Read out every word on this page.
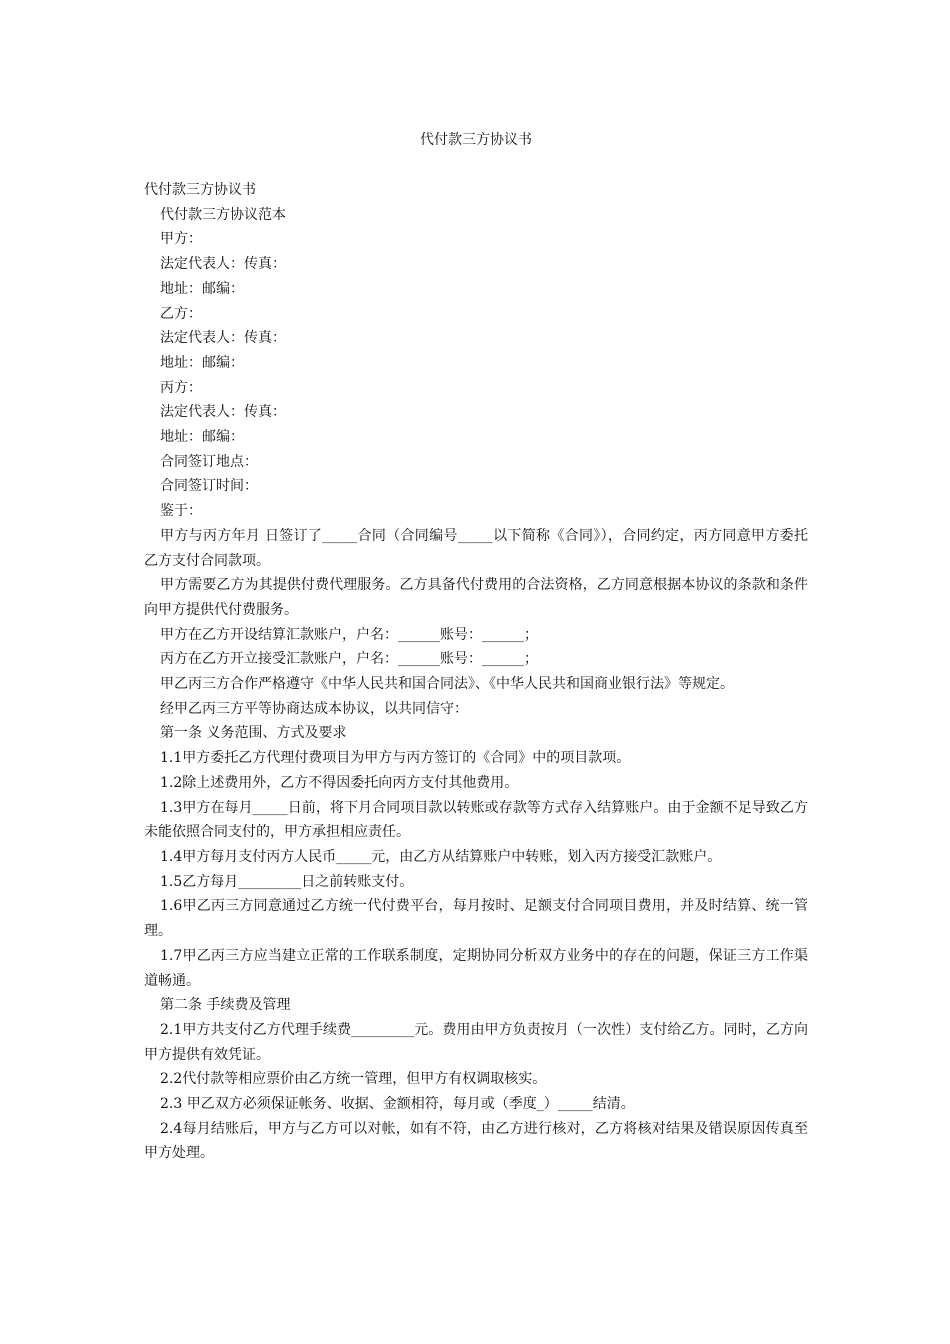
代付款三方协议书

代付款三方协议书

代付款三方协议范本

甲方：

法定代表人：传真：

地址：邮编：

乙方：

法定代表人：传真：

地址：邮编：

丙方：

法定代表人：传真：

地址：邮编：

合同签订地点：

合同签订时间：

鉴于：

甲方与丙方年月 日签订了_____合同（合同编号_____以下简称《合同》），合同约定，丙方同意甲方委托乙方支付合同款项。

甲方需要乙方为其提供付费代理服务。乙方具备代付费用的合法资格，乙方同意根据本协议的条款和条件向甲方提供代付费服务。

甲方在乙方开设结算汇款账户，户名：______账号：______；

丙方在乙方开立接受汇款账户，户名：______账号：______；

甲乙丙三方合作严格遵守《中华人民共和国合同法》、《中华人民共和国商业银行法》等规定。

经甲乙丙三方平等协商达成本协议，以共同信守：

第一条 义务范围、方式及要求

1.1甲方委托乙方代理付费项目为甲方与丙方签订的《合同》中的项目款项。

1.2除上述费用外，乙方不得因委托向丙方支付其他费用。

1.3甲方在每月_____日前，将下月合同项目款以转账或存款等方式存入结算账户。由于金额不足导致乙方未能依照合同支付的，甲方承担相应责任。

1.4甲方每月支付丙方人民币_____元，由乙方从结算账户中转账，划入丙方接受汇款账户。

1.5乙方每月_________日之前转账支付。

1.6甲乙丙三方同意通过乙方统一代付费平台，每月按时、足额支付合同项目费用，并及时结算、统一管理。

1.7甲乙丙三方应当建立正常的工作联系制度，定期协同分析双方业务中的存在的问题，保证三方工作渠道畅通。

第二条 手续费及管理

2.1甲方共支付乙方代理手续费_________元。费用由甲方负责按月（一次性）支付给乙方。同时，乙方向甲方提供有效凭证。

2.2代付款等相应票价由乙方统一管理，但甲方有权调取核实。

2.3 甲乙双方必须保证帐务、收据、金额相符，每月或（季度_）_____结清。

2.4每月结账后，甲方与乙方可以对帐，如有不符，由乙方进行核对，乙方将核对结果及错误原因传真至甲方处理。
